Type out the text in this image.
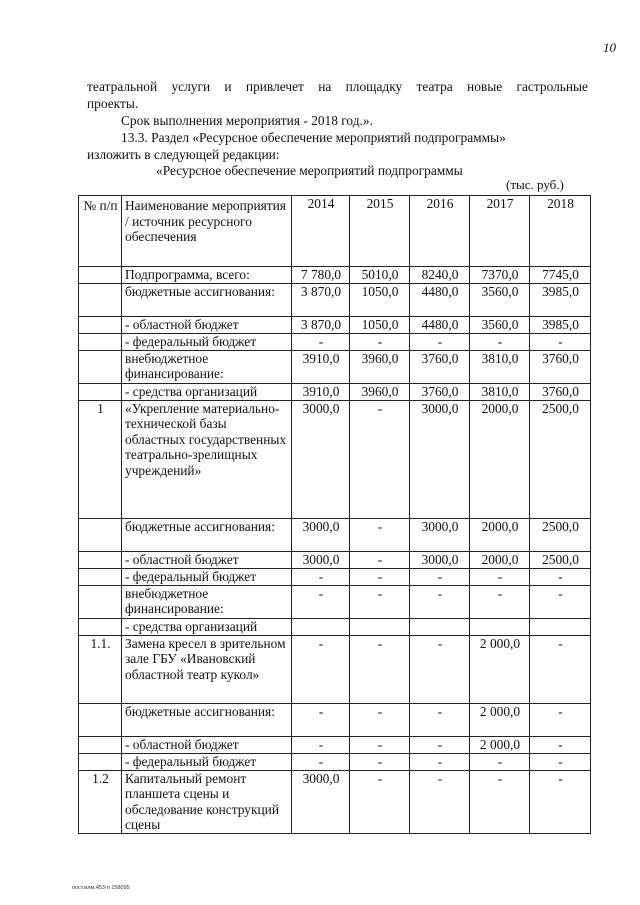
10
театральной услуги и привлечет на площадку театра новые гастрольные
проекты.
Срок выполнения мероприятия - 2018 год.».
13.3. Раздел «Ресурсное обеспечение мероприятий подпрограммы»
изложить в следующей редакции:
«Ресурсное обеспечение мероприятий подпрограммы
(тыс. руб.)
№ п/п	Наименование мероприятия / источник ресурсного обеспечения	2014	2015	2016	2017	2018
	Подпрограмма, всего:	7 780,0	5010,0	8240,0	7370,0	7745,0
	бюджетные ассигнования:	3 870,0	1050,0	4480,0	3560,0	3985,0
	- областной бюджет	3 870,0	1050,0	4480,0	3560,0	3985,0
	- федеральный бюджет	-	-	-	-	-
	внебюджетное финансирование:	3910,0	3960,0	3760,0	3810,0	3760,0
	- средства организаций	3910,0	3960,0	3760,0	3810,0	3760,0
1	«Укрепление материально-технической базы областных государственных театрально-зрелищных учреждений»	3000,0	-	3000,0	2000,0	2500,0
	бюджетные ассигнования:	3000,0	-	3000,0	2000,0	2500,0
	- областной бюджет	3000,0	-	3000,0	2000,0	2500,0
	- федеральный бюджет	-	-	-	-	-
	внебюджетное финансирование:	-	-	-	-	-
	- средства организаций					
1.1.	Замена кресел в зрительном зале ГБУ «Ивановский областной театр кукол»	-	-	-	2 000,0	-
	бюджетные ассигнования:	-	-	-	2 000,0	-
	- областной бюджет	-	-	-	2 000,0	-
	- федеральный бюджет	-	-	-	-	-
1.2	Капитальный ремонт планшета сцены и обследование конструкций сцены	3000,0	-	-	-	-
пост.илм.453-п 158095
